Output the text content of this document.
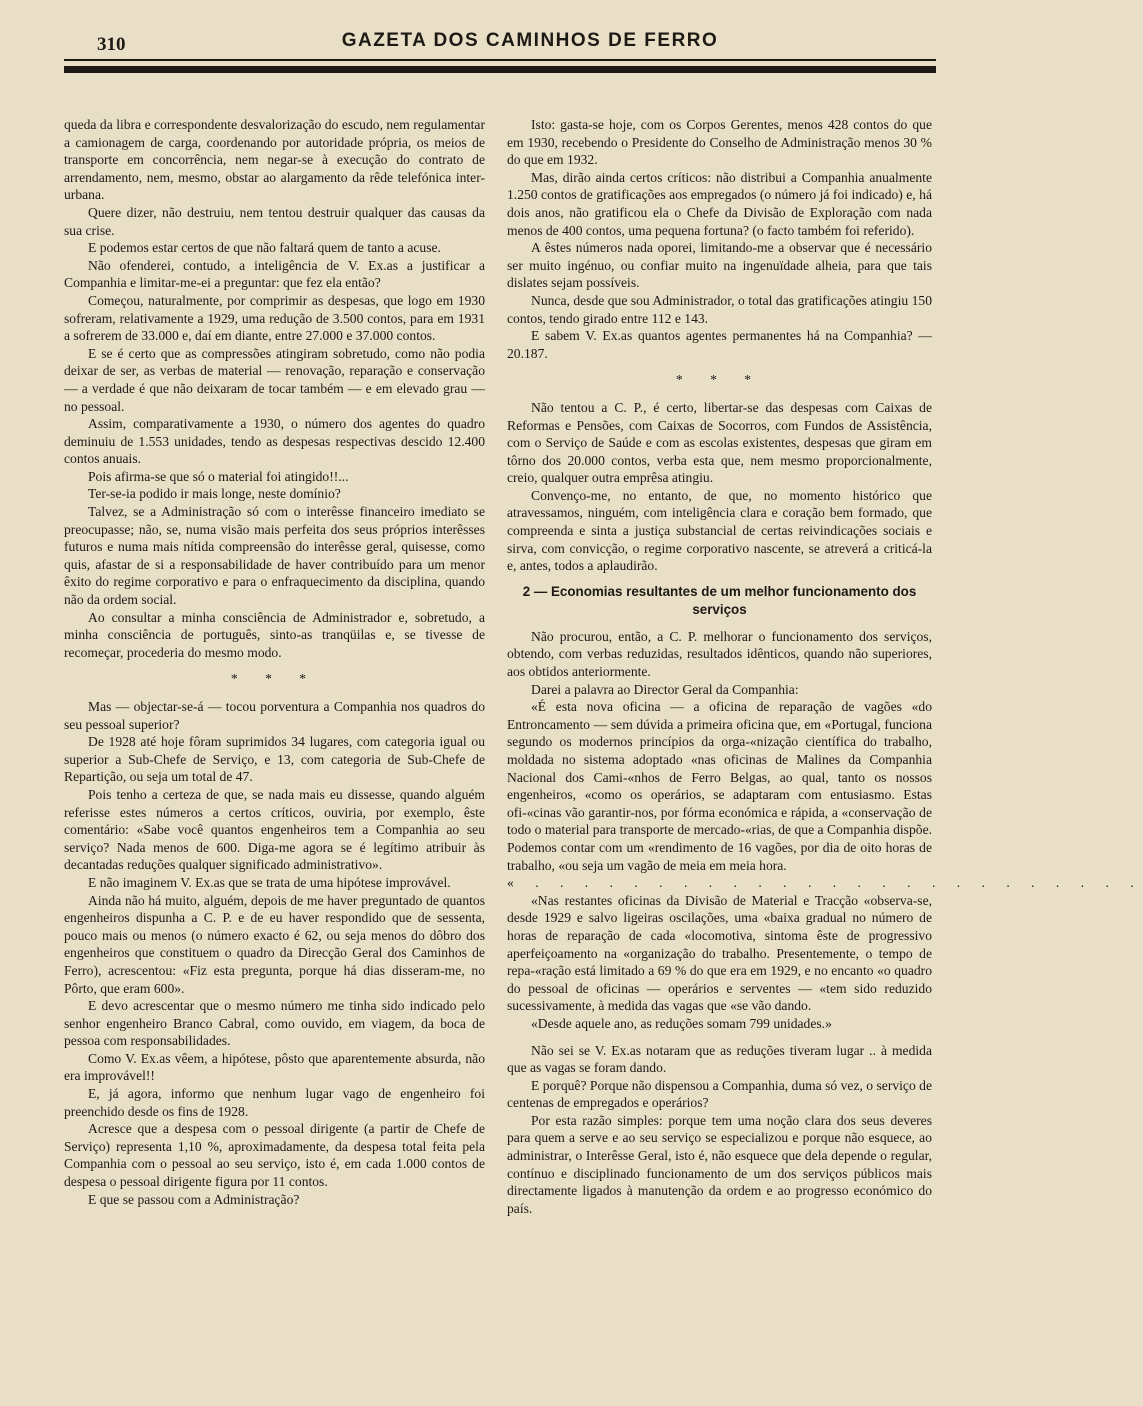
310	GAZETA DOS CAMINHOS DE FERRO

queda da libra e correspondente desvalorização do escudo, nem regulamentar a camionagem de carga, coordenando por autoridade própria, os meios de transporte em concorrência, nem negar-se à execução do contrato de arrendamento, nem, mesmo, obstar ao alargamento da rêde telefónica inter-urbana.

Quere dizer, não destruiu, nem tentou destruir qualquer das causas da sua crise.

E podemos estar certos de que não faltará quem de tanto a acuse.

Não ofenderei, contudo, a inteligência de V. Ex.as a justificar a Companhia e limitar-me-ei a preguntar: que fez ela então?

Começou, naturalmente, por comprimir as despesas, que logo em 1930 sofreram, relativamente a 1929, uma redução de 3.500 contos, para em 1931 a sofrerem de 33.000 e, daí em diante, entre 27.000 e 37.000 contos.

E se é certo que as compressões atingiram sobretudo, como não podia deixar de ser, as verbas de material — renovação, reparação e conservação — a verdade é que não deixaram de tocar também — e em elevado grau — no pessoal.

Assim, comparativamente a 1930, o número dos agentes do quadro deminuiu de 1.553 unidades, tendo as despesas respectivas descido 12.400 contos anuais.

Pois afirma-se que só o material foi atingido!!...

Ter-se-ia podido ir mais longe, neste domínio?

Talvez, se a Administração só com o interêsse financeiro imediato se preocupasse; não, se, numa visão mais perfeita dos seus próprios interêsses futuros e numa mais nítida compreensão do interêsse geral, quisesse, como quis, afastar de si a responsabilidade de haver contribuído para um menor êxito do regime corporativo e para o enfraquecimento da disciplina, quando não da ordem social.

Ao consultar a minha consciência de Administrador e, sobretudo, a minha consciência de português, sinto-as tranqüilas e, se tivesse de recomeçar, procederia do mesmo modo.

* * *

Mas — objectar-se-á — tocou porventura a Companhia nos quadros do seu pessoal superior?

De 1928 até hoje fôram suprimidos 34 lugares, com categoria igual ou superior a Sub-Chefe de Serviço, e 13, com categoria de Sub-Chefe de Repartição, ou seja um total de 47.

Pois tenho a certeza de que, se nada mais eu dissesse, quando alguém referisse estes números a certos críticos, ouviria, por exemplo, êste comentário: «Sabe você quantos engenheiros tem a Companhia ao seu serviço? Nada menos de 600. Diga-me agora se é legítimo atribuir às decantadas reduções qualquer significado administrativo».

E não imaginem V. Ex.as que se trata de uma hipótese improvável.

Ainda não há muito, alguém, depois de me haver preguntado de quantos engenheiros dispunha a C. P. e de eu haver respondido que de sessenta, pouco mais ou menos (o número exacto é 62, ou seja menos do dôbro dos engenheiros que constituem o quadro da Direcção Geral dos Caminhos de Ferro), acrescentou: «Fiz esta pregunta, porque há dias disseram-me, no Pôrto, que eram 600».

E devo acrescentar que o mesmo número me tinha sido indicado pelo senhor engenheiro Branco Cabral, como ouvido, em viagem, da boca de pessoa com responsabilidades.

Como V. Ex.as vêem, a hipótese, pôsto que aparentemente absurda, não era improvável!!

E, já agora, informo que nenhum lugar vago de engenheiro foi preenchido desde os fins de 1928.

Acresce que a despesa com o pessoal dirigente (a partir de Chefe de Serviço) representa 1,10 %, aproximadamente, da despesa total feita pela Companhia com o pessoal ao seu serviço, isto é, em cada 1.000 contos de despesa o pessoal dirigente figura por 11 contos.

E que se passou com a Administração?

Isto: gasta-se hoje, com os Corpos Gerentes, menos 428 contos do que em 1930, recebendo o Presidente do Conselho de Administração menos 30 % do que em 1932.

Mas, dirão ainda certos críticos: não distribui a Companhia anualmente 1.250 contos de gratificações aos empregados (o número já foi indicado) e, há dois anos, não gratificou ela o Chefe da Divisão de Exploração com nada menos de 400 contos, uma pequena fortuna? (o facto também foi referido).

A êstes números nada oporei, limitando-me a observar que é necessário ser muito ingénuo, ou confiar muito na ingenuïdade alheia, para que tais dislates sejam possíveis.

Nunca, desde que sou Administrador, o total das gratificações atingiu 150 contos, tendo girado entre 112 e 143.

E sabem V. Ex.as quantos agentes permanentes há na Companhia? — 20.187.

* * *

Não tentou a C. P., é certo, libertar-se das despesas com Caixas de Reformas e Pensões, com Caixas de Socorros, com Fundos de Assistência, com o Serviço de Saúde e com as escolas existentes, despesas que giram em tôrno dos 20.000 contos, verba esta que, nem mesmo proporcionalmente, creio, qualquer outra emprêsa atingiu.

Convenço-me, no entanto, de que, no momento histórico que atravessamos, ninguém, com inteligência clara e coração bem formado, que compreenda e sinta a justiça substancial de certas reivindicações sociais e sirva, com convicção, o regime corporativo nascente, se atreverá a criticá-la e, antes, todos a aplaudirão.

2 — Economias resultantes de um melhor funcionamento dos serviços

Não procurou, então, a C. P. melhorar o funcionamento dos serviços, obtendo, com verbas reduzidas, resultados idênticos, quando não superiores, aos obtidos anteriormente.

Darei a palavra ao Director Geral da Companhia:

«É esta nova oficina — a oficina de reparação de vagões «do Entroncamento — sem dúvida a primeira oficina que, em «Portugal, funciona segundo os modernos princípios da orga-«nização científica do trabalho, moldada no sistema adoptado «nas oficinas de Malines da Companhia Nacional dos Cami-«nhos de Ferro Belgas, ao qual, tanto os nossos engenheiros, «como os operários, se adaptaram com entusiasmo. Estas ofi-«cinas vão garantir-nos, por fórma económica e rápida, a «conservação de todo o material para transporte de mercado-«rias, de que a Companhia dispõe. Podemos contar com um «rendimento de 16 vagões, por dia de oito horas de trabalho, «ou seja um vagão de meia em meia hora.

« . . . . . . . . . . . . . . . . . . . . . . . . .

«Nas restantes oficinas da Divisão de Material e Tracção «observa-se, desde 1929 e salvo ligeiras oscilações, uma «baixa gradual no número de horas de reparação de cada «locomotiva, sintoma êste de progressivo aperfeiçoamento na «organização do trabalho. Presentemente, o tempo de repa-«ração está limitado a 69 % do que era em 1929, e no encanto «o quadro do pessoal de oficinas — operários e serventes — «tem sido reduzido sucessivamente, à medida das vagas que «se vão dando.

«Desde aquele ano, as reduções somam 799 unidades.»

Não sei se V. Ex.as notaram que as reduções tiveram lugar .. à medida que as vagas se foram dando.

E porquê? Porque não dispensou a Companhia, duma só vez, o serviço de centenas de empregados e operários?

Por esta razão simples: porque tem uma noção clara dos seus deveres para quem a serve e ao seu serviço se especializou e porque não esquece, ao administrar, o Interêsse Geral, isto é, não esquece que dela depende o regular, contínuo e disciplinado funcionamento de um dos serviços públicos mais directamente ligados à manutenção da ordem e ao progresso económico do país.
